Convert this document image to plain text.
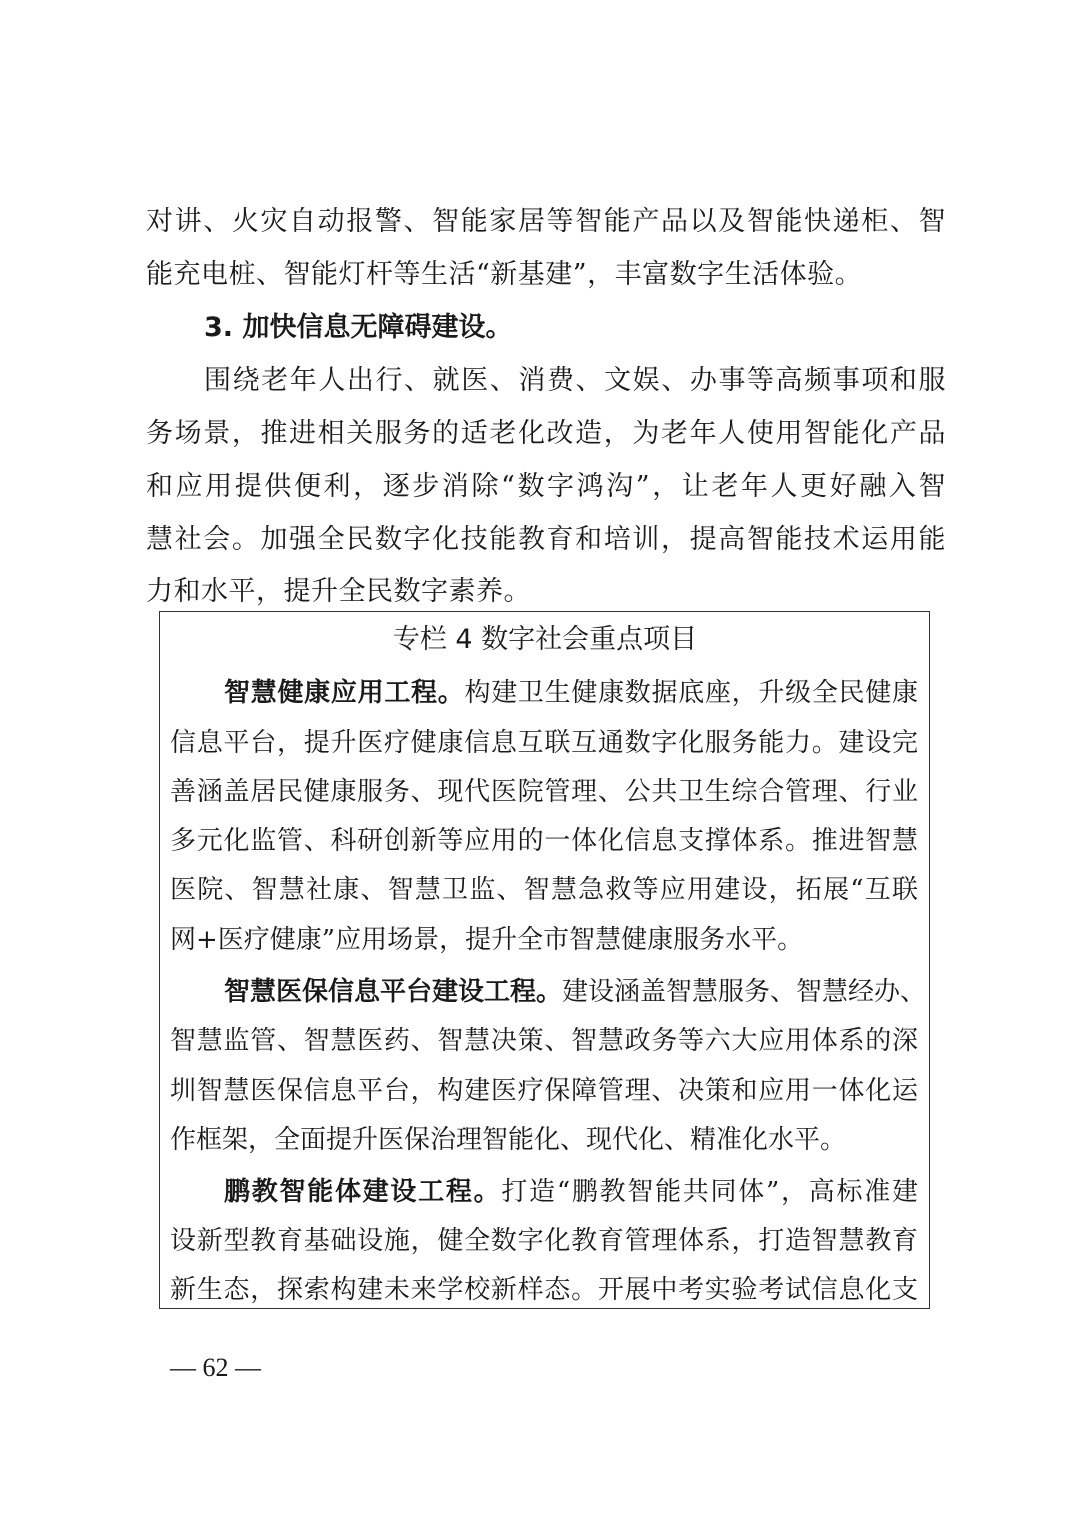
对讲、火灾自动报警、智能家居等智能产品以及智能快递柜、智
能充电桩、智能灯杆等生活“新基建”，丰富数字生活体验。
3. 加快信息无障碍建设。
围绕老年人出行、就医、消费、文娱、办事等高频事项和服
务场景，推进相关服务的适老化改造，为老年人使用智能化产品
和应用提供便利，逐步消除“数字鸿沟”，让老年人更好融入智
慧社会。加强全民数字化技能教育和培训，提高智能技术运用能
力和水平，提升全民数字素养。
专栏 4 数字社会重点项目
智慧健康应用工程。构建卫生健康数据底座，升级全民健康
信息平台，提升医疗健康信息互联互通数字化服务能力。建设完
善涵盖居民健康服务、现代医院管理、公共卫生综合管理、行业
多元化监管、科研创新等应用的一体化信息支撑体系。推进智慧
医院、智慧社康、智慧卫监、智慧急救等应用建设，拓展“互联
网+医疗健康”应用场景，提升全市智慧健康服务水平。
智慧医保信息平台建设工程。建设涵盖智慧服务、智慧经办、
智慧监管、智慧医药、智慧决策、智慧政务等六大应用体系的深
圳智慧医保信息平台，构建医疗保障管理、决策和应用一体化运
作框架，全面提升医保治理智能化、现代化、精准化水平。
鹏教智能体建设工程。打造“鹏教智能共同体”，高标准建
设新型教育基础设施，健全数字化教育管理体系，打造智慧教育
新生态，探索构建未来学校新样态。开展中考实验考试信息化支
— 62 —
